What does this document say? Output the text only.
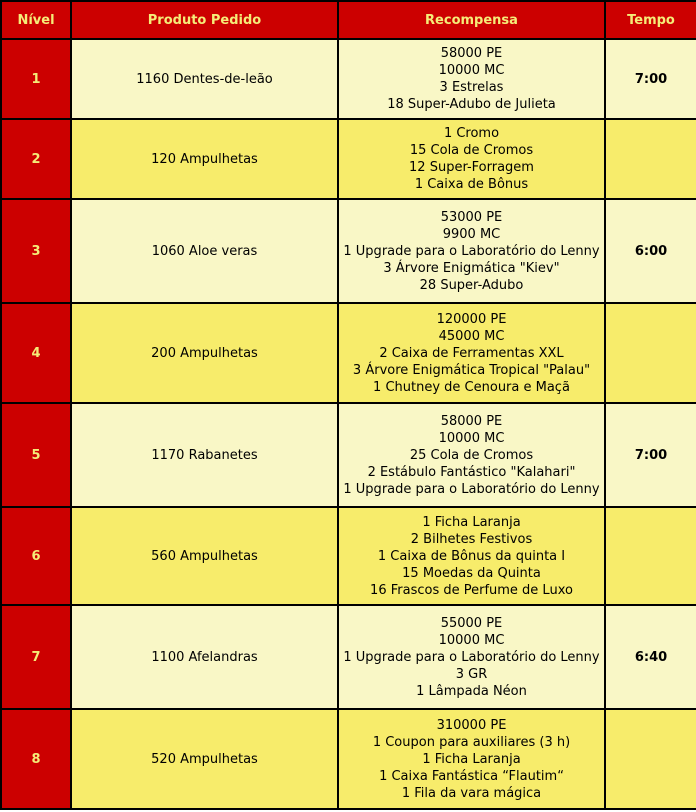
Nível	Produto Pedido	Recompensa	Tempo
1	1160 Dentes-de-leão	58000 PE
10000 MC
3 Estrelas
18 Super-Adubo de Julieta	7:00
2	120 Ampulhetas	1 Cromo
15 Cola de Cromos
12 Super-Forragem
1 Caixa de Bônus	

3	1060 Aloe veras	53000 PE
9900 MC
1 Upgrade para o Laboratório do Lenny
3 Árvore Enigmática "Kiev"
28 Super-Adubo	6:00
4	200 Ampulhetas	120000 PE
45000 MC
2 Caixa de Ferramentas XXL
3 Árvore Enigmática Tropical "Palau"
1 Chutney de Cenoura e Maçã	

5	1170 Rabanetes	58000 PE
10000 MC
25 Cola de Cromos
2 Estábulo Fantástico "Kalahari"
1 Upgrade para o Laboratório do Lenny	7:00
6	560 Ampulhetas	1 Ficha Laranja
2 Bilhetes Festivos
1 Caixa de Bônus da quinta I
15 Moedas da Quinta
16 Frascos de Perfume de Luxo	

7	1100 Afelandras	55000 PE
10000 MC
1 Upgrade para o Laboratório do Lenny
3 GR
1 Lâmpada Néon	6:40
8	520 Ampulhetas	310000 PE
1 Coupon para auxiliares (3 h)
1 Ficha Laranja
1 Caixa Fantástica “Flautim“
1 Fila da vara mágica	
